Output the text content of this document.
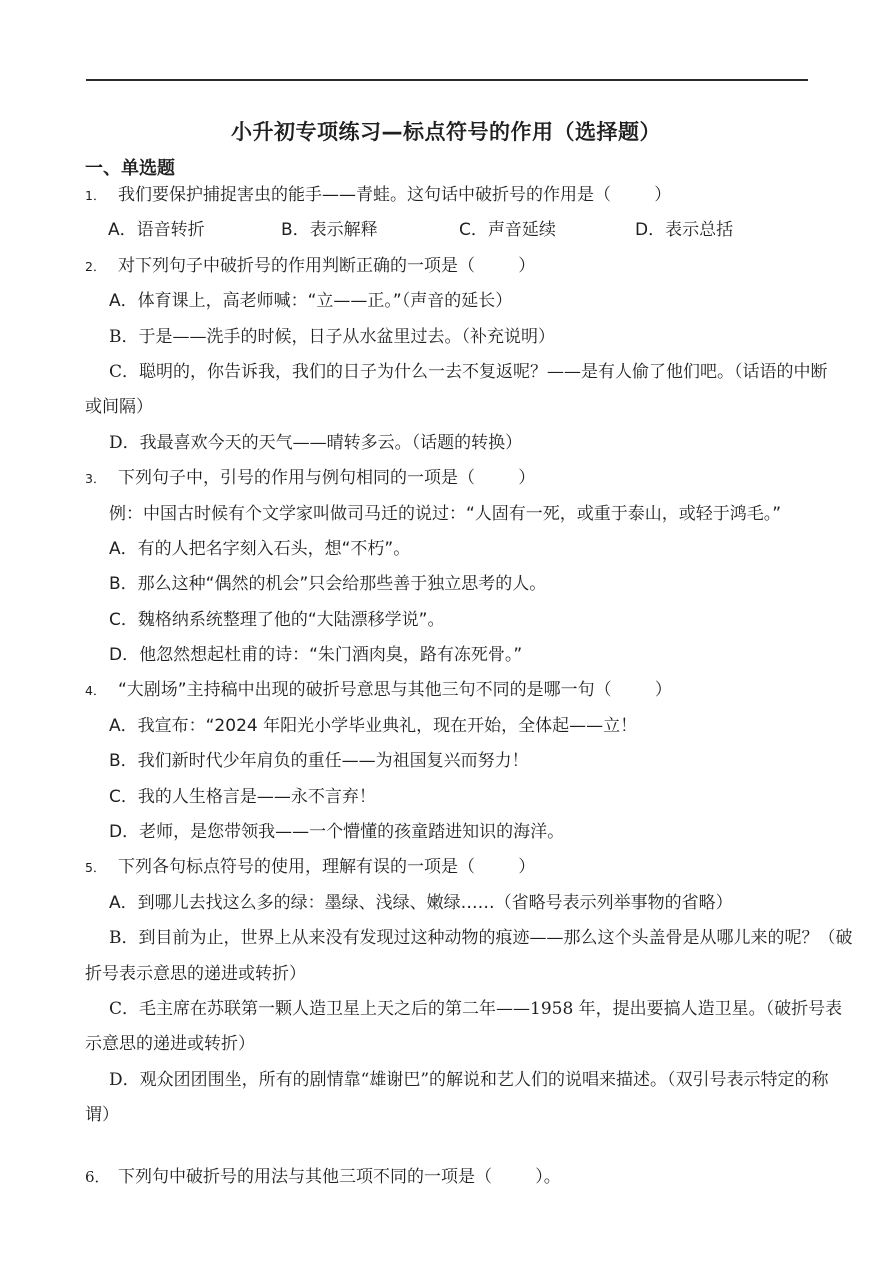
小升初专项练习—标点符号的作用（选择题）
一、单选题
1． 我们要保护捕捉害虫的能手——青蛙。这句话中破折号的作用是（        ）
A．语音转折	B．表示解释	C．声音延续	D．表示总括
2． 对下列句子中破折号的作用判断正确的一项是（        ）
A．体育课上，高老师喊：“立——正。”（声音的延长）
B．于是——洗手的时候，日子从水盆里过去。（补充说明）
C．聪明的，你告诉我，我们的日子为什么一去不复返呢？——是有人偷了他们吧。（话语的中断
或间隔）
D．我最喜欢今天的天气——晴转多云。（话题的转换）
3． 下列句子中，引号的作用与例句相同的一项是（        ）
例：中国古时候有个文学家叫做司马迁的说过：“人固有一死，或重于泰山，或轻于鸿毛。”
A．有的人把名字刻入石头，想“不朽”。
B．那么这种“偶然的机会”只会给那些善于独立思考的人。
C．魏格纳系统整理了他的“大陆漂移学说”。
D．他忽然想起杜甫的诗：“朱门酒肉臭，路有冻死骨。”
4． “大剧场”主持稿中出现的破折号意思与其他三句不同的是哪一句（        ）
A．我宣布：“2024 年阳光小学毕业典礼，现在开始，全体起——立！
B．我们新时代少年肩负的重任——为祖国复兴而努力！
C．我的人生格言是——永不言弃！
D．老师，是您带领我——一个懵懂的孩童踏进知识的海洋。
5． 下列各句标点符号的使用，理解有误的一项是（        ）
A．到哪儿去找这么多的绿：墨绿、浅绿、嫩绿……（省略号表示列举事物的省略）
B．到目前为止，世界上从来没有发现过这种动物的痕迹——那么这个头盖骨是从哪儿来的呢？（破
折号表示意思的递进或转折）
C．毛主席在苏联第一颗人造卫星上天之后的第二年——1958 年，提出要搞人造卫星。（破折号表
示意思的递进或转折）
D．观众团团围坐，所有的剧情靠“雄谢巴”的解说和艺人们的说唱来描述。（双引号表示特定的称
谓）
6． 下列句中破折号的用法与其他三项不同的一项是（        ）。
